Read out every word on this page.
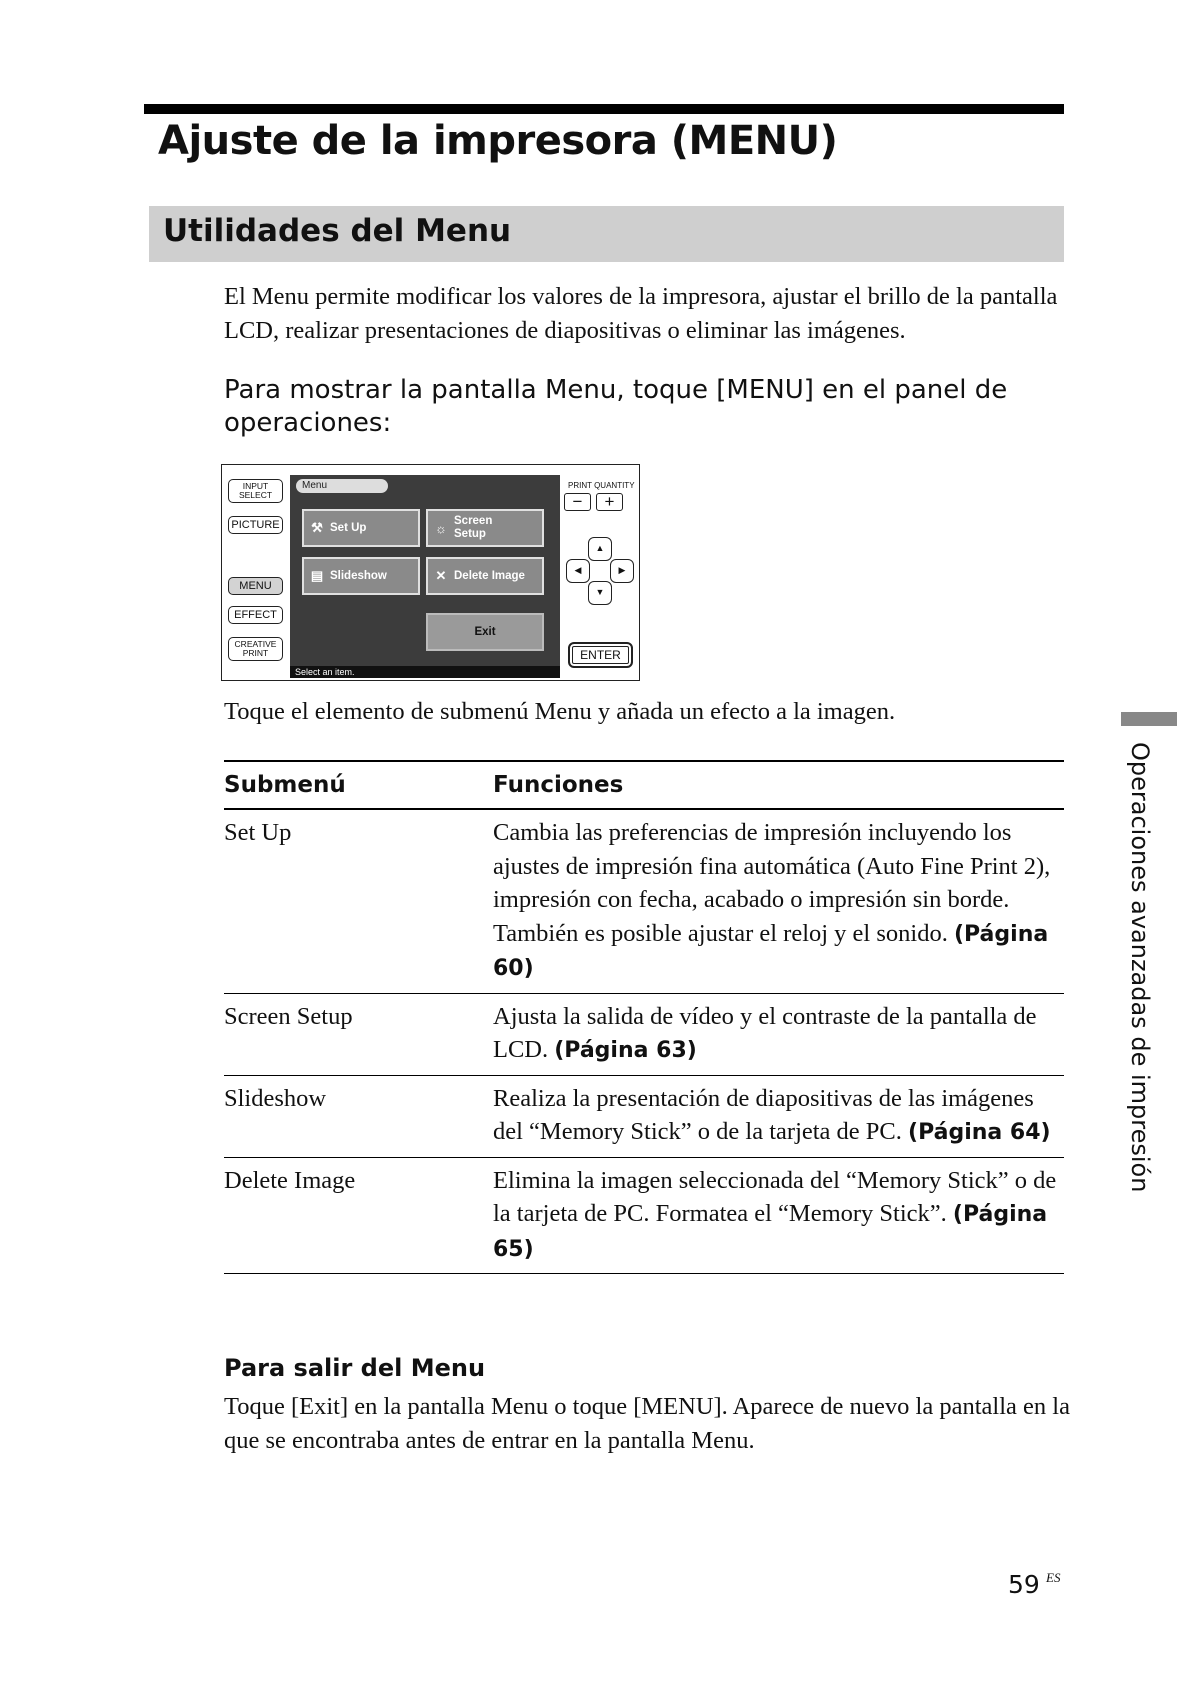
Ajuste de la impresora (MENU)
Utilidades del Menu

El Menu permite modificar los valores de la impresora, ajustar el brillo de la pantalla LCD, realizar presentaciones de diapositivas o eliminar las imágenes.

Para mostrar la pantalla Menu, toque [MENU] en el panel de operaciones:

INPUT SELECT
PICTURE
MENU
EFFECT
CREATIVE PRINT
Menu
⚒ Set Up	☼ Screen Setup
▤ Slideshow	✕ Delete Image
Exit
Select an item.
PRINT QUANTITY
−	+
▲
◀	▶
▼
ENTER

Toque el elemento de submenú Menu y añada un efecto a la imagen.

Submenú	Funciones
Set Up	Cambia las preferencias de impresión incluyendo los ajustes de impresión fina automática (Auto Fine Print 2), impresión con fecha, acabado o impresión sin borde. También es posible ajustar el reloj y el sonido. (Página 60)
Screen Setup	Ajusta la salida de vídeo y el contraste de la pantalla de LCD. (Página 63)
Slideshow	Realiza la presentación de diapositivas de las imágenes del “Memory Stick” o de la tarjeta de PC. (Página 64)
Delete Image	Elimina la imagen seleccionada del “Memory Stick” o de la tarjeta de PC. Formatea el “Memory Stick”. (Página 65)
Para salir del Menu

Toque [Exit] en la pantalla Menu o toque [MENU]. Aparece de nuevo la pantalla en la que se encontraba antes de entrar en la pantalla Menu.

Operaciones avanzadas de impresión
59 ES
